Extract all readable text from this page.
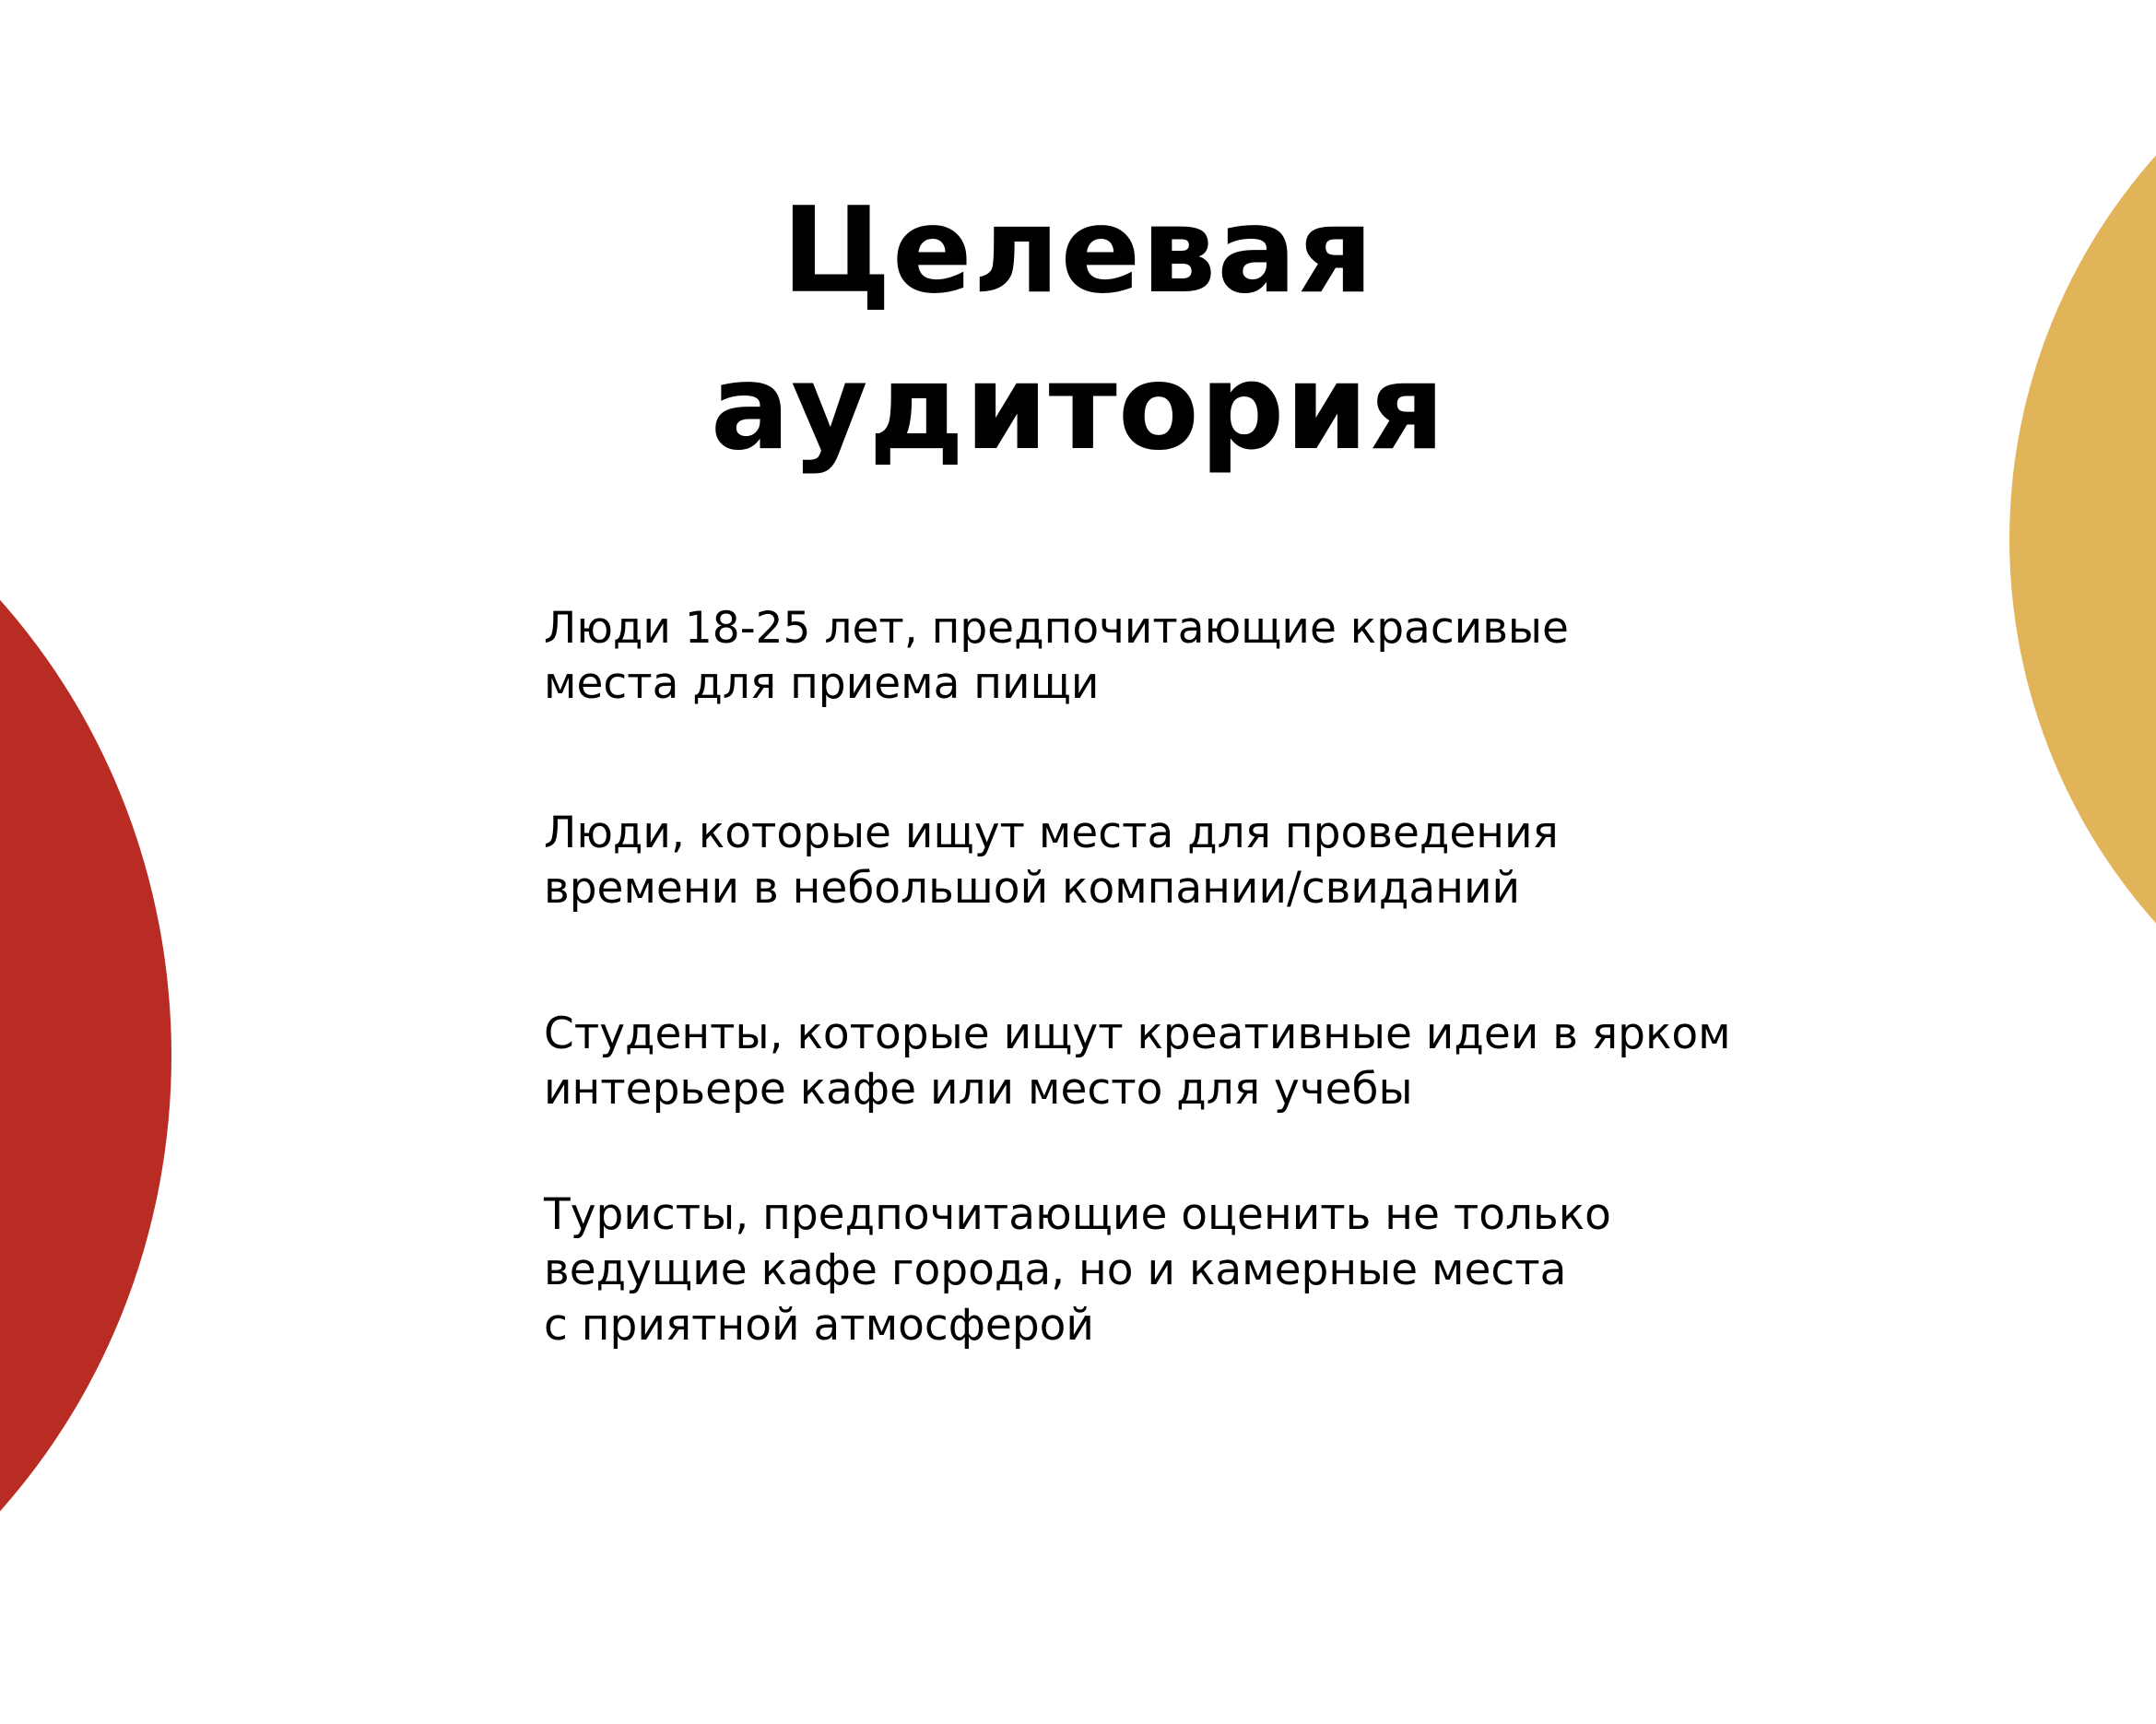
Целевая
аудитория

Люди 18-25 лет, предпочитающие красивые
места для приема пищи

Люди, которые ищут места для проведения
времени в небольшой компании/свиданий

Студенты, которые ищут креативные идеи в ярком
интерьере кафе или место для учебы

Туристы, предпочитающие оценить не только
ведущие кафе города, но и камерные места
с приятной атмосферой
